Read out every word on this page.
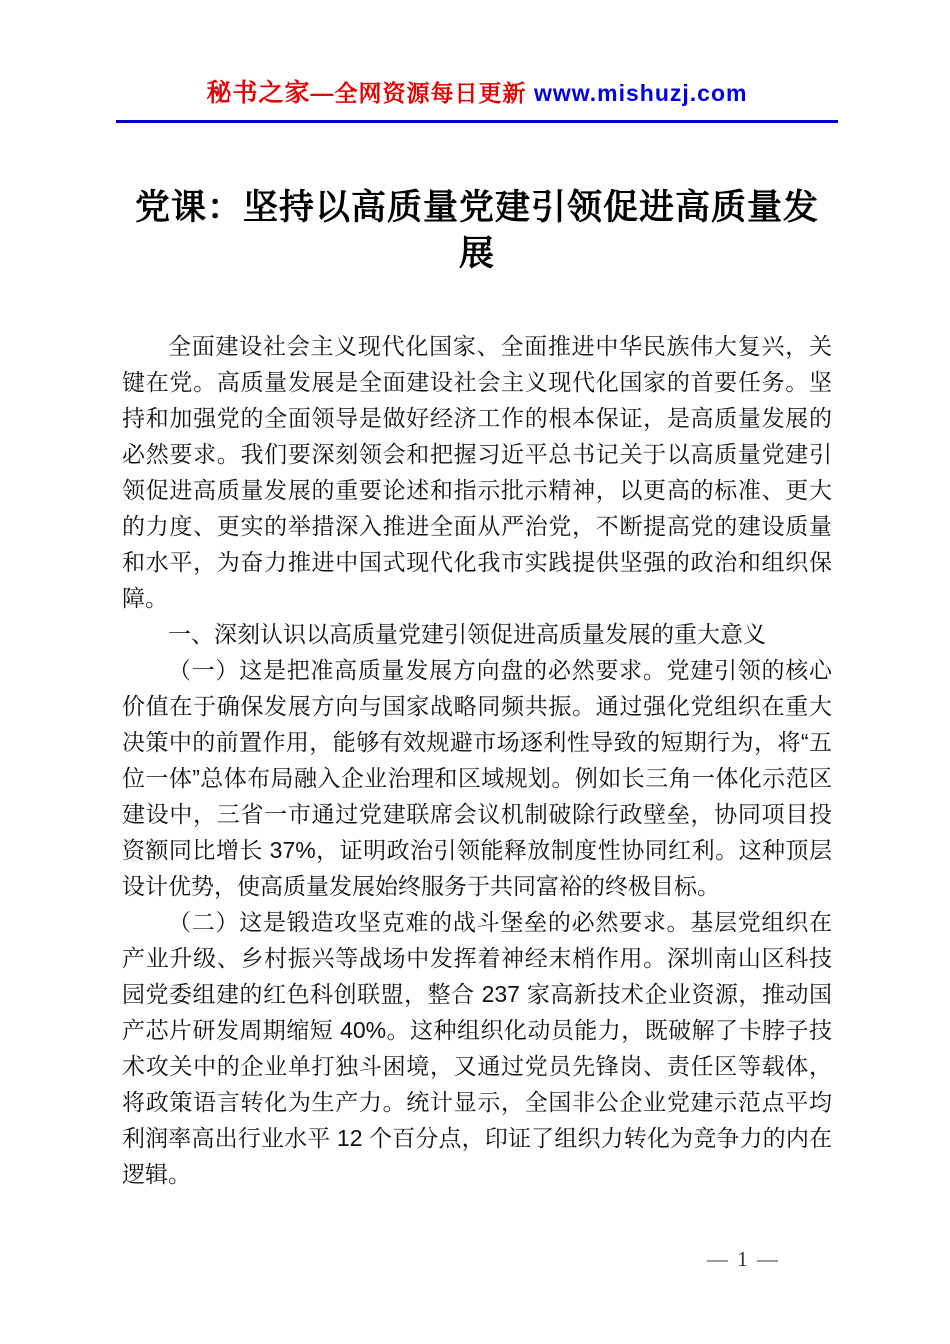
秘书之家—全网资源每日更新 www.mishuzj.com
党课：坚持以高质量党建引领促进高质量发展

全面建设社会主义现代化国家、全面推进中华民族伟大复兴，关键在党。高质量发展是全面建设社会主义现代化国家的首要任务。坚持和加强党的全面领导是做好经济工作的根本保证，是高质量发展的必然要求。我们要深刻领会和把握习近平总书记关于以高质量党建引领促进高质量发展的重要论述和指示批示精神，以更高的标准、更大的力度、更实的举措深入推进全面从严治党，不断提高党的建设质量和水平，为奋力推进中国式现代化我市实践提供坚强的政治和组织保障。

一、深刻认识以高质量党建引领促进高质量发展的重大意义

（一）这是把准高质量发展方向盘的必然要求。党建引领的核心价值在于确保发展方向与国家战略同频共振。通过强化党组织在重大决策中的前置作用，能够有效规避市场逐利性导致的短期行为，将“五位一体”总体布局融入企业治理和区域规划。例如长三角一体化示范区建设中，三省一市通过党建联席会议机制破除行政壁垒，协同项目投资额同比增长 37%，证明政治引领能释放制度性协同红利。这种顶层设计优势，使高质量发展始终服务于共同富裕的终极目标。

（二）这是锻造攻坚克难的战斗堡垒的必然要求。基层党组织在产业升级、乡村振兴等战场中发挥着神经末梢作用。深圳南山区科技园党委组建的红色科创联盟，整合 237 家高新技术企业资源，推动国产芯片研发周期缩短 40%。这种组织化动员能力，既破解了卡脖子技术攻关中的企业单打独斗困境，又通过党员先锋岗、责任区等载体，将政策语言转化为生产力。统计显示，全国非公企业党建示范点平均利润率高出行业水平 12 个百分点，印证了组织力转化为竞争力的内在逻辑。

— 1 —
